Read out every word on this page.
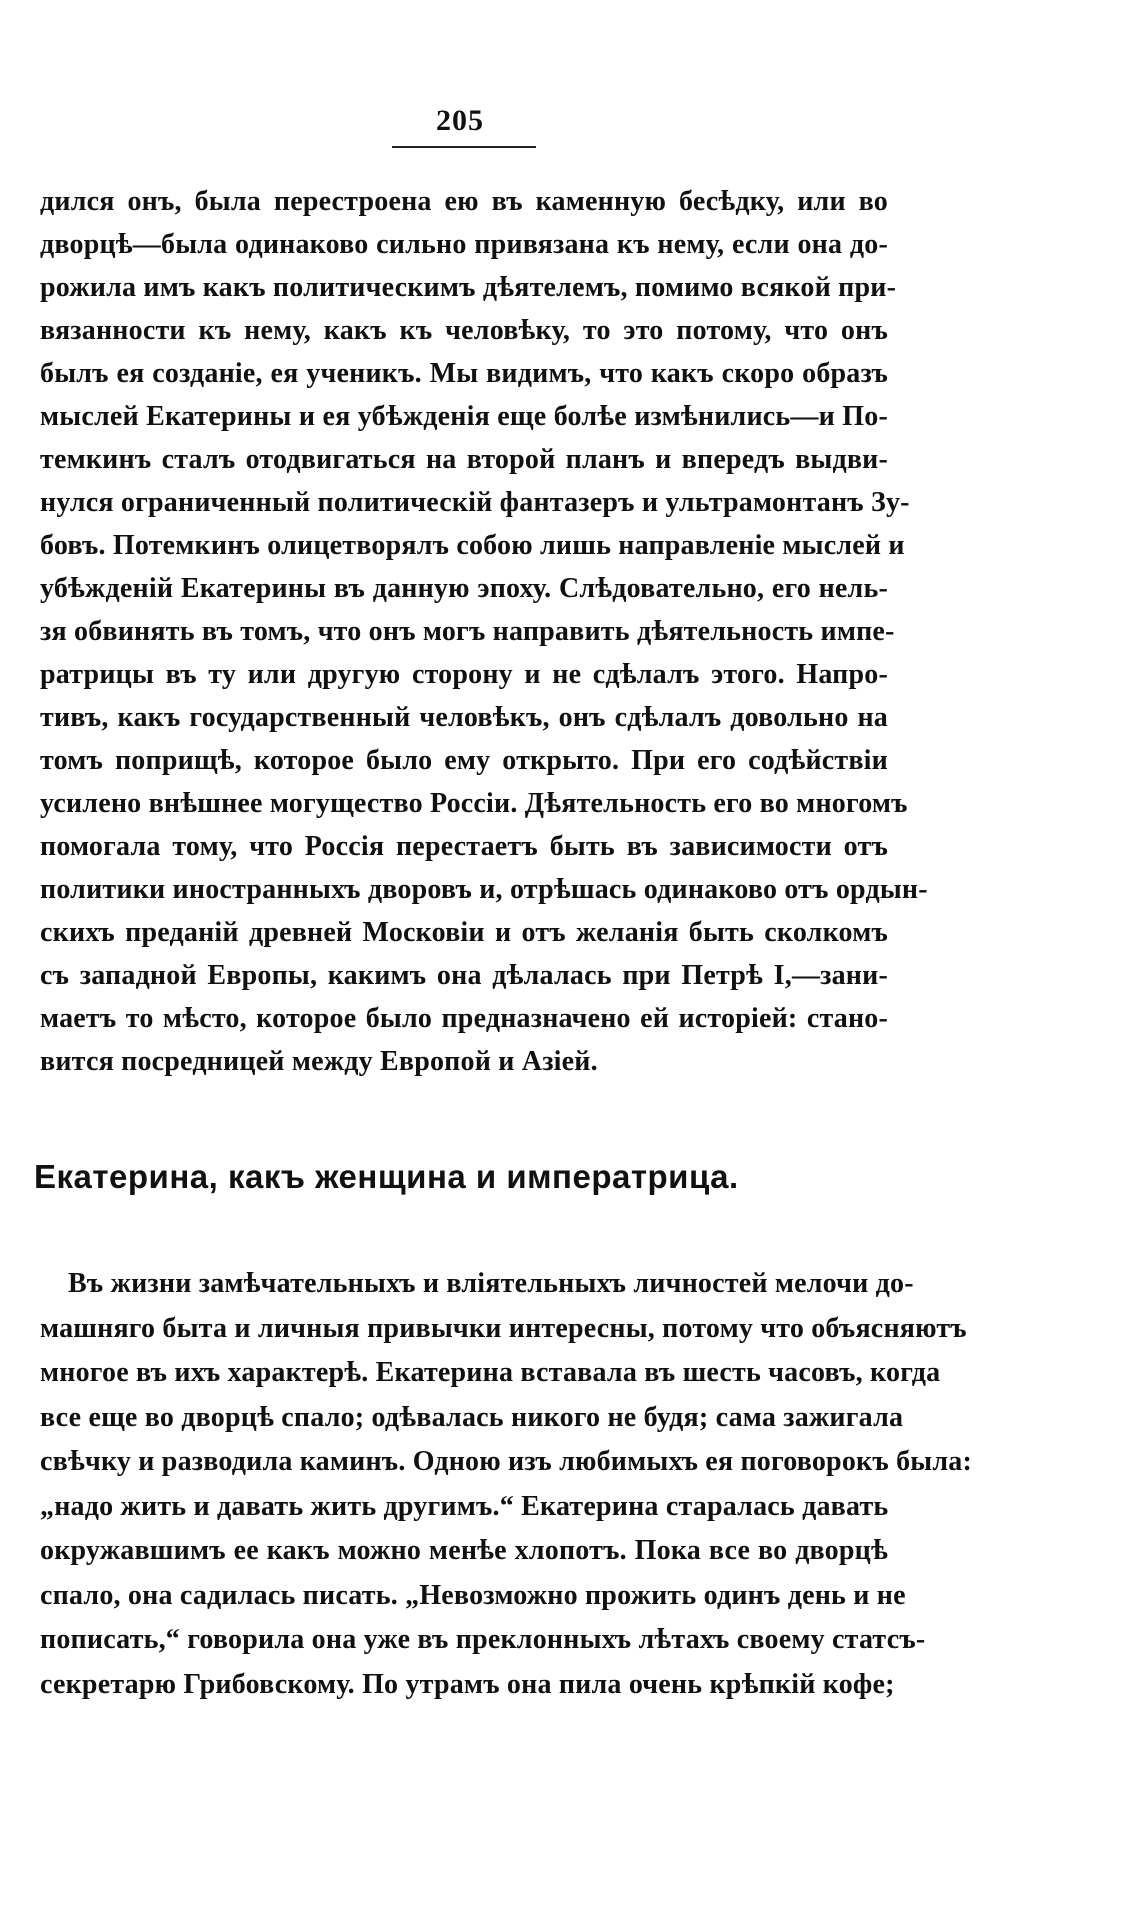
205
дился онъ, была перестроена ею въ каменную бесѣдку, или во
дворцѣ—была одинаково сильно привязана къ нему, если она до-
рожила имъ какъ политическимъ дѣятелемъ, помимо всякой при-
вязанности къ нему, какъ къ человѣку, то это потому, что онъ
былъ ея созданіе, ея ученикъ. Мы видимъ, что какъ скоро образъ
мыслей Екатерины и ея убѣжденія еще болѣе измѣнились—и По-
темкинъ сталъ отодвигаться на второй планъ и впередъ выдви-
нулся ограниченный политическій фантазеръ и ультрамонтанъ Зу-
бовъ. Потемкинъ олицетворялъ собою лишь направленіе мыслей и
убѣжденій Екатерины въ данную эпоху. Слѣдовательно, его нель-
зя обвинять въ томъ, что онъ могъ направить дѣятельность импе-
ратрицы въ ту или другую сторону и не сдѣлалъ этого. Напро-
тивъ, какъ государственный человѣкъ, онъ сдѣлалъ довольно на
томъ поприщѣ, которое было ему открыто. При его содѣйствіи
усилено внѣшнее могущество Россіи. Дѣятельность его во многомъ
помогала тому, что Россія перестаетъ быть въ зависимости отъ
политики иностранныхъ дворовъ и, отрѣшась одинаково отъ ордын-
скихъ преданій древней Московіи и отъ желанія быть сколкомъ
съ западной Европы, какимъ она дѣлалась при Петрѣ I,—зани-
маетъ то мѣсто, которое было предназначено ей исторіей: стано-
вится посредницей между Европой и Азіей.
Екатерина, какъ женщина и императрица.
Въ жизни замѣчательныхъ и вліятельныхъ личностей мелочи до-
машняго быта и личныя привычки интересны, потому что объясняютъ
многое въ ихъ характерѣ. Екатерина вставала въ шесть часовъ, когда
все еще во дворцѣ спало; одѣвалась никого не будя; сама зажигала
свѣчку и разводила каминъ. Одною изъ любимыхъ ея поговорокъ была:
„надо жить и давать жить другимъ.“ Екатерина старалась давать
окружавшимъ ее какъ можно менѣе хлопотъ. Пока все во дворцѣ
спало, она садилась писать. „Невозможно прожить одинъ день и не
пописать,“ говорила она уже въ преклонныхъ лѣтахъ своему статсъ-
секретарю Грибовскому. По утрамъ она пила очень крѣпкій кофе;
